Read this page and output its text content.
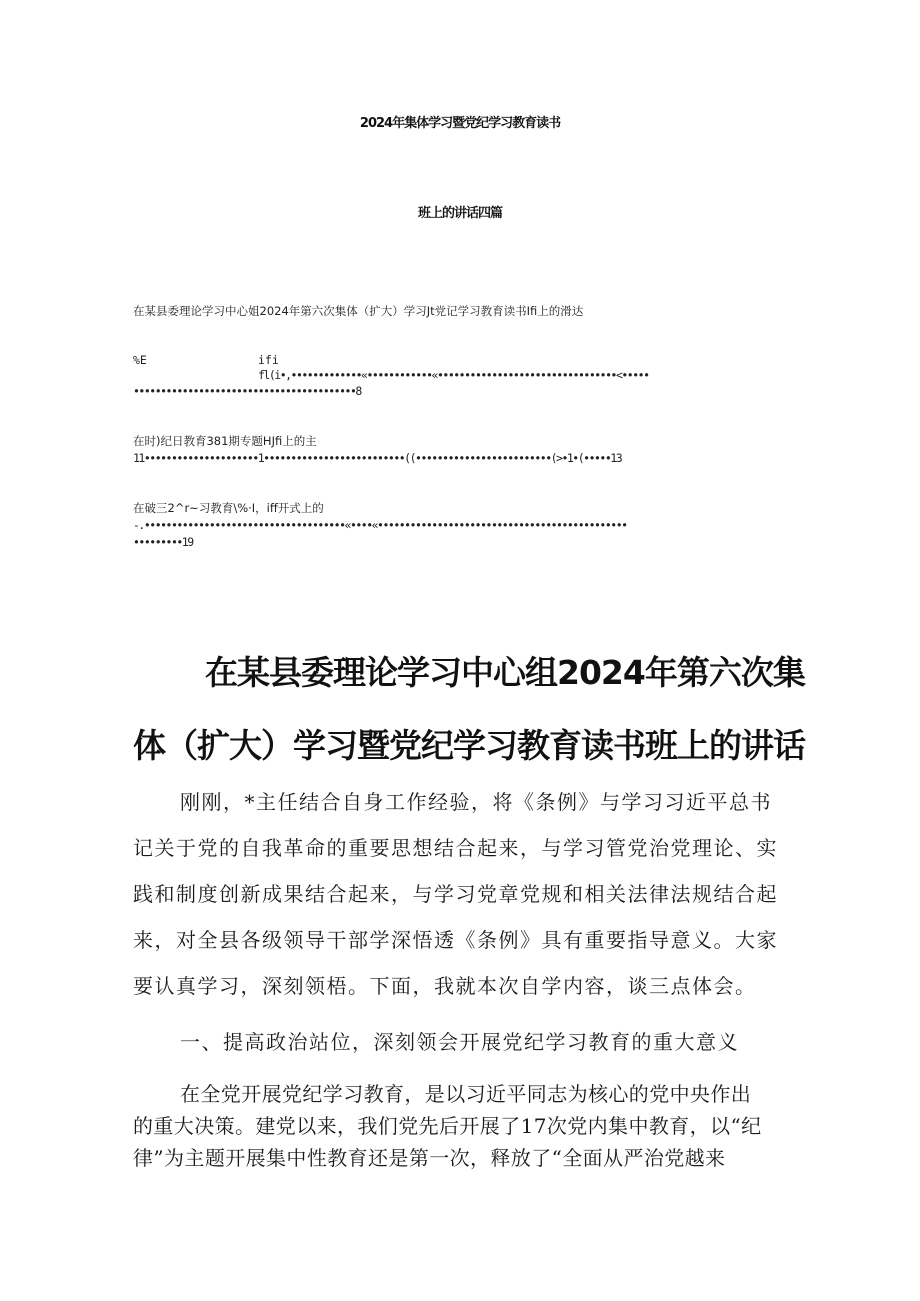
2024年集体学习暨党纪学习教育读书
班上的讲话四篇
在某县委理论学习中心姐2024年第六次集体（扩大）学习Jt党记学习教育读书Ifi上的滑达
%E	ifi
fl(i•,•••••••••••••«••••••••••••«•••••••••••••••••••••••••••••••••<•••••
•••••••••••••••••••••••••••••••••••••••••8
在时)纪日教育381期专题HJfi上的主
11•••••••••••••••••••••1••••••••••••••••••••••••••((•••••••••••••••••••••••••(>•1•(•••••13
在破三2^r~习教育\%·I，iff开式上的
-.•••••••••••••••••••••••••••••••••••••«••••«••••••••••••••••••••••••••••••••••••••••••••••
•••••••••19
在某县委理论学习中心组2024年第六次集
体（扩大）学习暨党纪学习教育读书班上的讲话
刚刚，*主任结合自身工作经验，将《条例》与学习习近平总书
记关于党的自我革命的重要思想结合起来，与学习管党治党理论、实
践和制度创新成果结合起来，与学习党章党规和相关法律法规结合起
来，对全县各级领导干部学深悟透《条例》具有重要指导意义。大家
要认真学习，深刻领梧。下面，我就本次自学内容，谈三点体会。
一、提高政治站位，深刻领会开展党纪学习教育的重大意义
在全党开展党纪学习教育，是以习近平同志为核心的党中央作出
的重大决策。建党以来，我们党先后开展了17次党内集中教育，以“纪
律”为主题开展集中性教育还是第一次，释放了“全面从严治党越来
